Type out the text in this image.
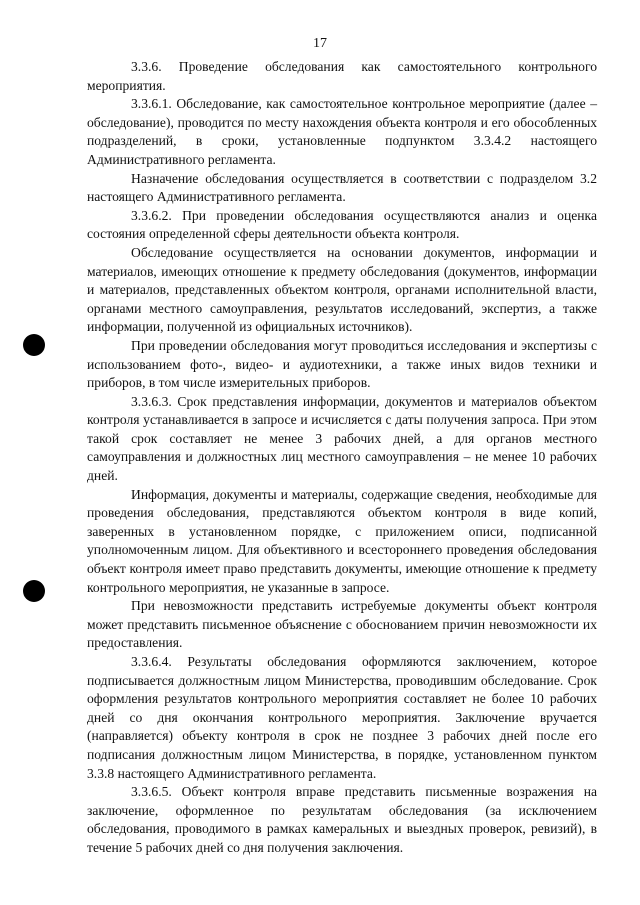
17

3.3.6. Проведение обследования как самостоятельного контрольного мероприятия.

3.3.6.1. Обследование, как самостоятельное контрольное мероприятие (далее – обследование), проводится по месту нахождения объекта контроля и его обособленных подразделений, в сроки, установленные подпунктом 3.3.4.2 настоящего Административного регламента.

Назначение обследования осуществляется в соответствии с подразделом 3.2 настоящего Административного регламента.

3.3.6.2. При проведении обследования осуществляются анализ и оценка состояния определенной сферы деятельности объекта контроля.

Обследование осуществляется на основании документов, информации и материалов, имеющих отношение к предмету обследования (документов, информации и материалов, представленных объектом контроля, органами исполнительной власти, органами местного самоуправления, результатов исследований, экспертиз, а также информации, полученной из официальных источников).

При проведении обследования могут проводиться исследования и экспертизы с использованием фото-, видео- и аудиотехники, а также иных видов техники и приборов, в том числе измерительных приборов.

3.3.6.3. Срок представления информации, документов и материалов объектом контроля устанавливается в запросе и исчисляется с даты получения запроса. При этом такой срок составляет не менее 3 рабочих дней, а для органов местного самоуправления и должностных лиц местного самоуправления – не менее 10 рабочих дней.

Информация, документы и материалы, содержащие сведения, необходимые для проведения обследования, представляются объектом контроля в виде копий, заверенных в установленном порядке, с приложением описи, подписанной уполномоченным лицом. Для объективного и всестороннего проведения обследования объект контроля имеет право представить документы, имеющие отношение к предмету контрольного мероприятия, не указанные в запросе.

При невозможности представить истребуемые документы объект контроля может представить письменное объяснение с обоснованием причин невозможности их предоставления.

3.3.6.4. Результаты обследования оформляются заключением, которое подписывается должностным лицом Министерства, проводившим обследование. Срок оформления результатов контрольного мероприятия составляет не более 10 рабочих дней со дня окончания контрольного мероприятия. Заключение вручается (направляется) объекту контроля в срок не позднее 3 рабочих дней после его подписания должностным лицом Министерства, в порядке, установленном пунктом 3.3.8 настоящего Административного регламента.

3.3.6.5. Объект контроля вправе представить письменные возражения на заключение, оформленное по результатам обследования (за исключением обследования, проводимого в рамках камеральных и выездных проверок, ревизий), в течение 5 рабочих дней со дня получения заключения.
